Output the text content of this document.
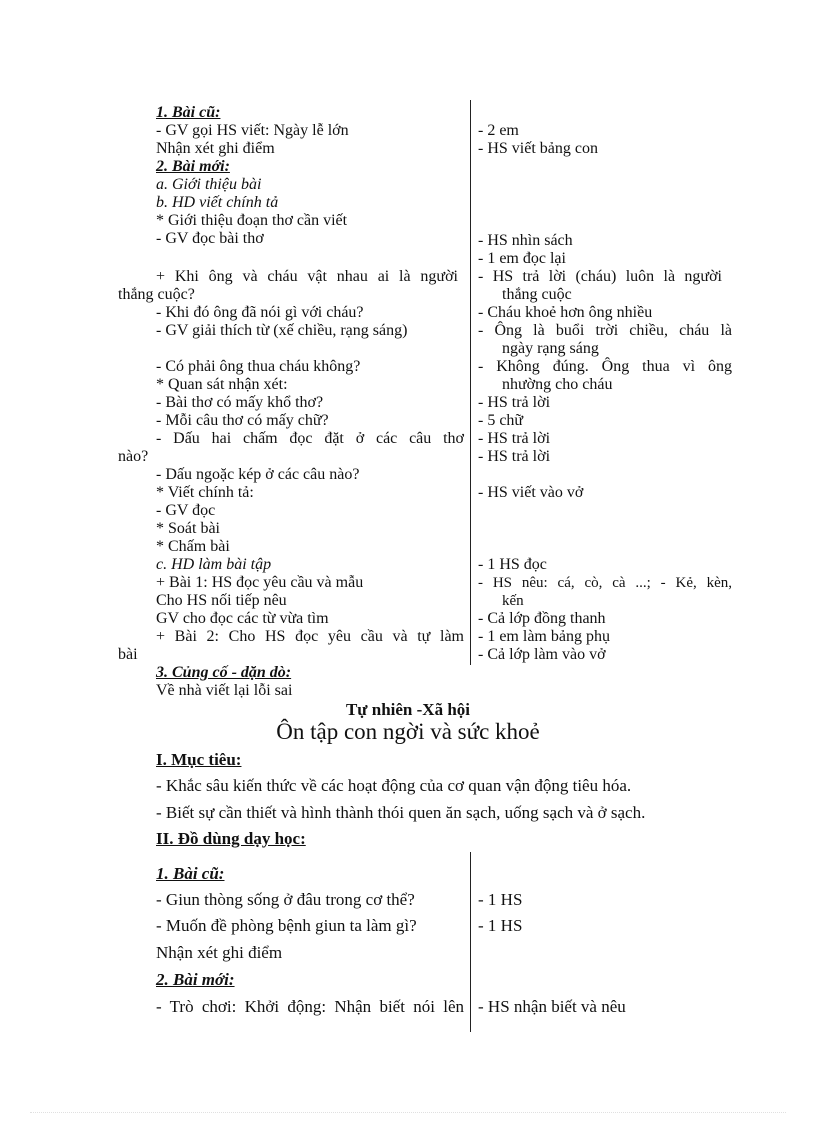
1. Bài cũ:
- GV gọi HS viết: Ngày lễ lớn
Nhận xét ghi điểm
2. Bài mới:
a. Giới thiệu bài
b. HD viết chính tả
* Giới thiệu đoạn thơ cần viết
- GV đọc bài thơ
+ Khi ông và cháu vật nhau ai là người
thắng cuộc?
- Khi đó ông đã nói gì với cháu?
- GV giải thích từ (xế chiều, rạng sáng)
- Có phải ông thua cháu không?
* Quan sát nhận xét:
- Bài thơ có mấy khổ thơ?
- Mỗi câu thơ có mấy chữ?
- Dấu hai chấm đọc đặt ở các câu thơ
nào?
- Dấu ngoặc kép ở các câu nào?
* Viết chính tả:
- GV đọc
* Soát bài
* Chấm bài
c. HD làm bài tập
+ Bài 1: HS đọc yêu cầu và mẫu
Cho HS nối tiếp nêu
GV cho đọc các từ vừa tìm
+ Bài 2: Cho HS đọc yêu cầu và tự làm
bài
3. Củng cố - dặn dò:
Về nhà viết lại lỗi sai
- 2 em
- HS viết bảng con
- HS nhìn sách
- 1 em đọc lại
- HS trả lời (cháu) luôn là người
thắng cuộc
- Cháu khoẻ hơn ông nhiều
- Ông là buổi trời chiều, cháu là
ngày rạng sáng
- Không đúng. Ông thua vì ông
nhường cho cháu
- HS trả lời
- 5 chữ
- HS trả lời
- HS trả lời
- HS viết vào vở
- 1 HS đọc
- HS nêu: cá, cò, cà ...; - Kẻ, kèn,
kến
- Cả lớp đồng thanh
- 1 em làm bảng phụ
- Cả lớp làm vào vở
Tự nhiên -Xã hội
Ôn tập con ngời và sức khoẻ
I. Mục tiêu:
- Khắc sâu kiến thức về các hoạt động của cơ quan vận động tiêu hóa.
- Biết sự cần thiết và hình thành thói quen ăn sạch, uống sạch và ở sạch.
II. Đồ dùng dạy học:
1. Bài cũ:
- Giun thòng sống ở đâu trong cơ thể?
- Muốn đề phòng bệnh giun ta làm gì?
Nhận xét ghi điểm
2. Bài mới:
- Trò chơi: Khởi động: Nhận biết nói lên
- 1 HS
- 1 HS
- HS nhận biết và nêu
